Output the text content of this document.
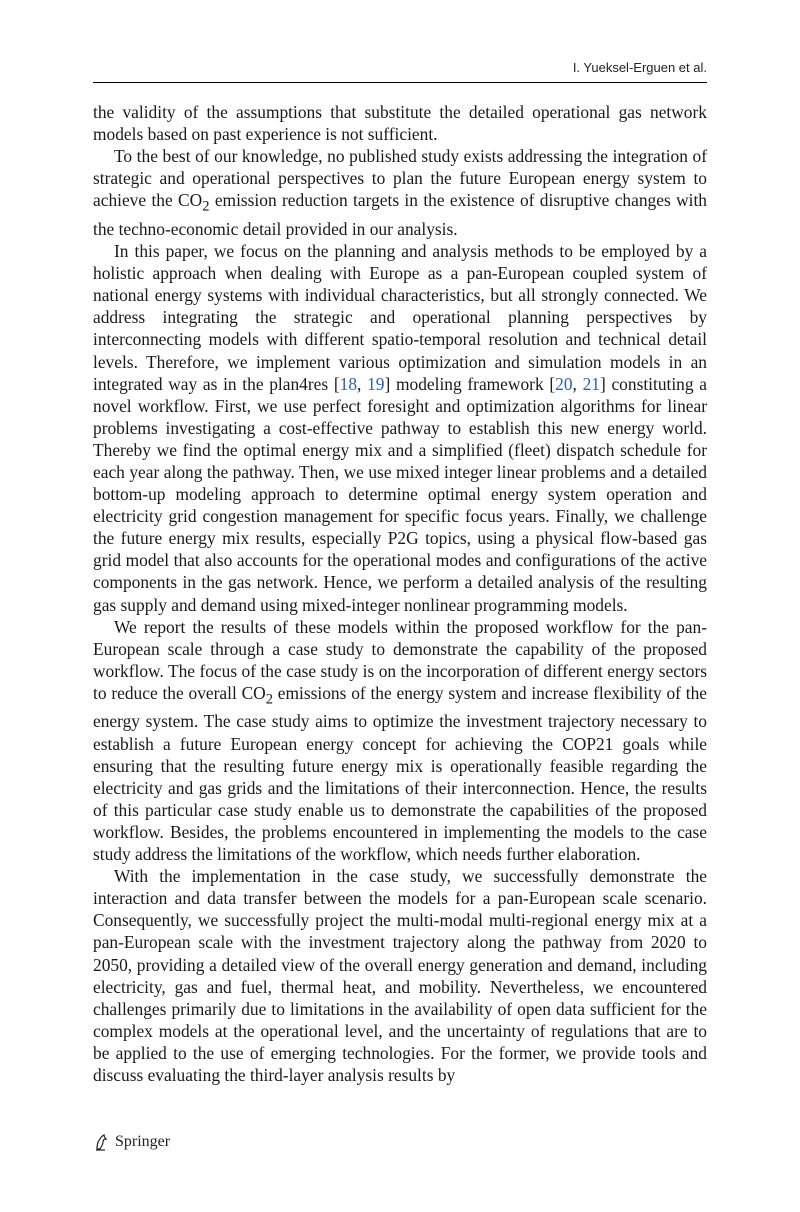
I. Yueksel-Erguen et al.

the validity of the assumptions that substitute the detailed operational gas network models based on past experience is not sufficient.

To the best of our knowledge, no published study exists addressing the integration of strategic and operational perspectives to plan the future European energy system to achieve the $CO_2$ emission reduction targets in the existence of disruptive changes with the techno-economic detail provided in our analysis.

In this paper, we focus on the planning and analysis methods to be employed by a holistic approach when dealing with Europe as a pan-European coupled system of national energy systems with individual characteristics, but all strongly connected. We address integrating the strategic and operational planning perspectives by interconnecting models with different spatio-temporal resolution and technical detail levels. Therefore, we implement various optimization and simulation models in an integrated way as in the plan4res [18, 19] modeling framework [20, 21] constituting a novel workflow. First, we use perfect foresight and optimization algorithms for linear problems investigating a cost-effective pathway to establish this new energy world. Thereby we find the optimal energy mix and a simplified (fleet) dispatch schedule for each year along the pathway. Then, we use mixed integer linear problems and a detailed bottom-up modeling approach to determine optimal energy system operation and electricity grid congestion management for specific focus years. Finally, we challenge the future energy mix results, especially P2G topics, using a physical flow-based gas grid model that also accounts for the operational modes and configurations of the active components in the gas network. Hence, we perform a detailed analysis of the resulting gas supply and demand using mixed-integer nonlinear programming models.

We report the results of these models within the proposed workflow for the pan-European scale through a case study to demonstrate the capability of the proposed workflow. The focus of the case study is on the incorporation of different energy sectors to reduce the overall $CO_2$ emissions of the energy system and increase flexibility of the energy system. The case study aims to optimize the investment trajectory necessary to establish a future European energy concept for achieving the COP21 goals while ensuring that the resulting future energy mix is operationally feasible regarding the electricity and gas grids and the limitations of their interconnection. Hence, the results of this particular case study enable us to demonstrate the capabilities of the proposed workflow. Besides, the problems encountered in implementing the models to the case study address the limitations of the workflow, which needs further elaboration.

With the implementation in the case study, we successfully demonstrate the interaction and data transfer between the models for a pan-European scale scenario. Consequently, we successfully project the multi-modal multi-regional energy mix at a pan-European scale with the investment trajectory along the pathway from 2020 to 2050, providing a detailed view of the overall energy generation and demand, including electricity, gas and fuel, thermal heat, and mobility. Nevertheless, we encountered challenges primarily due to limitations in the availability of open data sufficient for the complex models at the operational level, and the uncertainty of regulations that are to be applied to the use of emerging technologies. For the former, we provide tools and discuss evaluating the third-layer analysis results by

Springer
